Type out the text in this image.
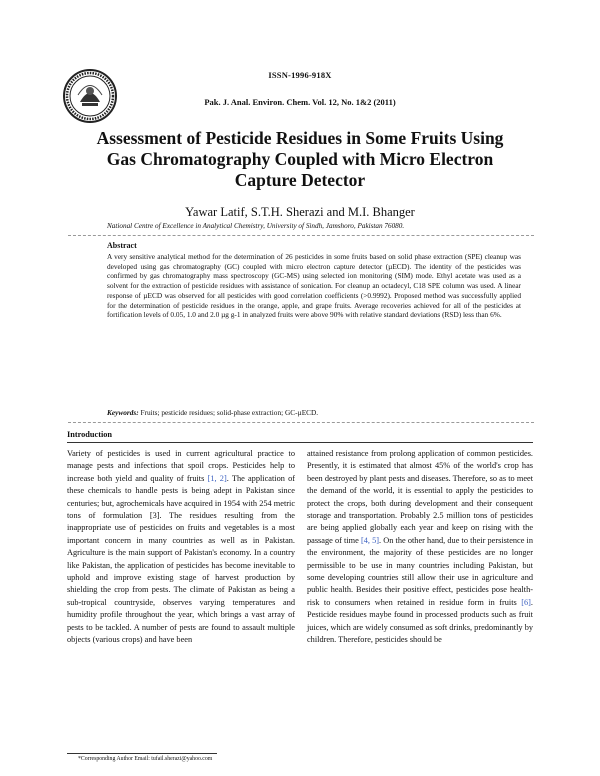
ISSN-1996-918X
Pak. J. Anal. Environ. Chem. Vol. 12, No. 1&2 (2011)
Assessment of Pesticide Residues in Some Fruits Using Gas Chromatography Coupled with Micro Electron Capture Detector
Yawar Latif, S.T.H. Sherazi and M.I. Bhanger
National Centre of Excellence in Analytical Chemistry, University of Sindh, Jamshoro, Pakistan 76080.
Abstract

A very sensitive analytical method for the determination of 26 pesticides in some fruits based on solid phase extraction (SPE) cleanup was developed using gas chromatography (GC) coupled with micro electron capture detector (µECD). The identity of the pesticides was confirmed by gas chromatography mass spectroscopy (GC-MS) using selected ion monitoring (SIM) mode. Ethyl acetate was used as a solvent for the extraction of pesticide residues with assistance of sonication. For cleanup an octadecyl, C18 SPE column was used. A linear response of µECD was observed for all pesticides with good correlation coefficients (>0.9992). Proposed method was successfully applied for the determination of pesticide residues in the orange, apple, and grape fruits. Average recoveries achieved for all of the pesticides at fortification levels of 0.05, 1.0 and 2.0 µg g-1 in analyzed fruits were above 90% with relative standard deviations (RSD) less than 6%.

Keywords: Fruits; pesticide residues; solid-phase extraction; GC-µECD.
Introduction

Variety of pesticides is used in current agricultural practice to manage pests and infections that spoil crops. Pesticides help to increase both yield and quality of fruits [1, 2]. The application of these chemicals to handle pests is being adept in Pakistan since centuries; but, agrochemicals have acquired in 1954 with 254 metric tons of formulation [3]. The residues resulting from the inappropriate use of pesticides on fruits and vegetables is a most important concern in many countries as well as in Pakistan. Agriculture is the main support of Pakistan's economy. In a country like Pakistan, the application of pesticides has become inevitable to uphold and improve existing stage of harvest production by shielding the crop from pests. The climate of Pakistan as being a sub-tropical countryside, observes varying temperatures and humidity profile throughout the year, which brings a vast array of pests to be tackled. A number of pests are found to assault multiple objects (various crops) and have been

attained resistance from prolong application of common pesticides. Presently, it is estimated that almost 45% of the world's crop has been destroyed by plant pests and diseases. Therefore, so as to meet the demand of the world, it is essential to apply the pesticides to protect the crops, both during development and their consequent storage and transportation. Probably 2.5 million tons of pesticides are being applied globally each year and keep on rising with the passage of time [4, 5]. On the other hand, due to their persistence in the environment, the majority of these pesticides are no longer permissible to be use in many countries including Pakistan, but some developing countries still allow their use in agriculture and public health. Besides their positive effect, pesticides pose health-risk to consumers when retained in residue form in fruits [6]. Pesticide residues maybe found in processed products such as fruit juices, which are widely consumed as soft drinks, predominantly by children. Therefore, pesticides should be

*Corresponding Author Email: tufail.sherazi@yahoo.com
